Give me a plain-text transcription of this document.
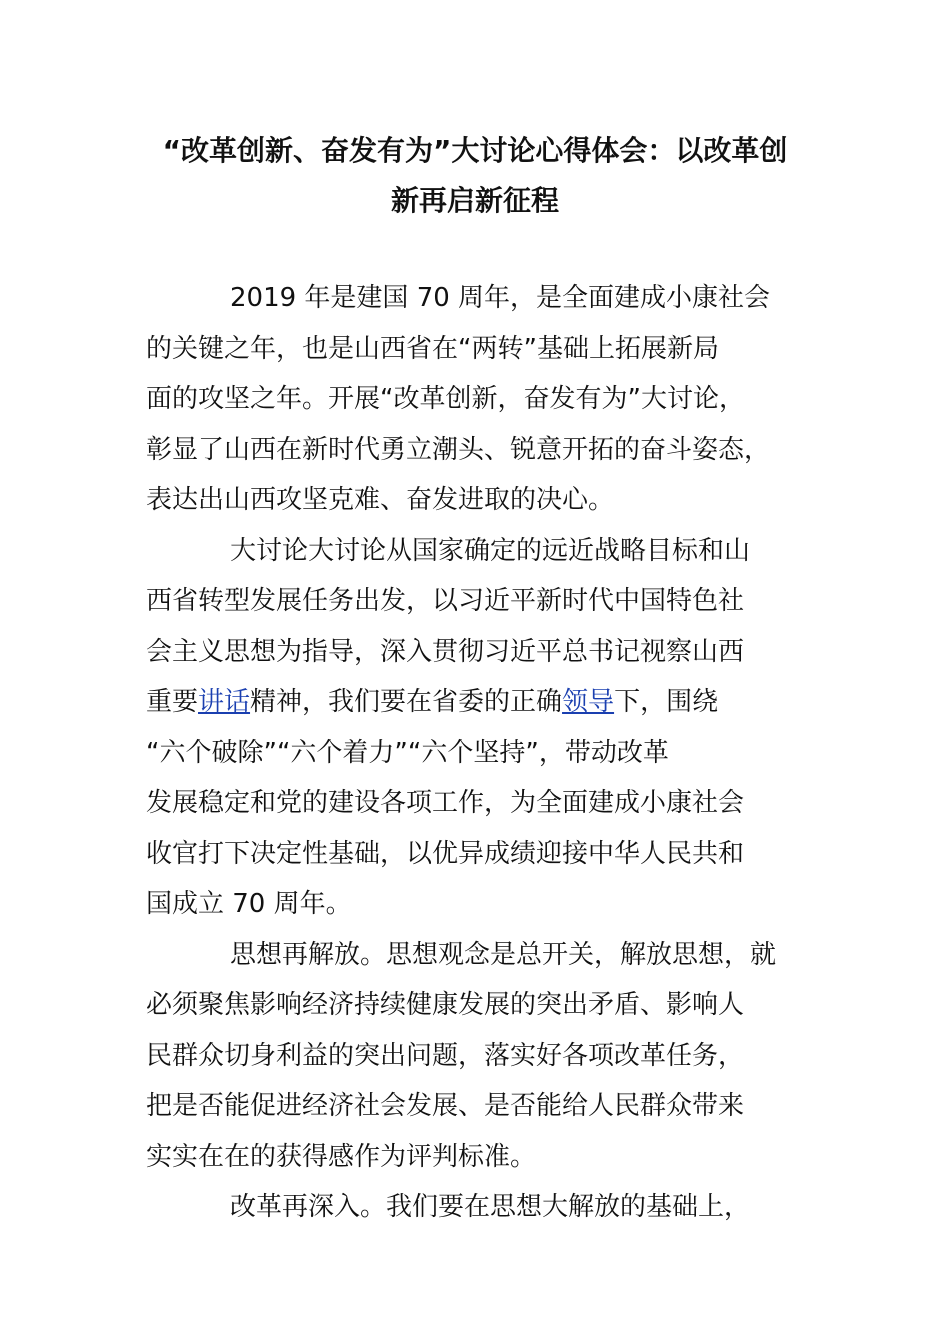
“改革创新、奋发有为”大讨论心得体会：以改革创
新再启新征程
2019 年是建国 70 周年，是全面建成小康社会
的关键之年，也是山西省在“两转”基础上拓展新局
面的攻坚之年。开展“改革创新，奋发有为”大讨论，
彰显了山西在新时代勇立潮头、锐意开拓的奋斗姿态，
表达出山西攻坚克难、奋发进取的决心。
大讨论大讨论从国家确定的远近战略目标和山
西省转型发展任务出发，以习近平新时代中国特色社
会主义思想为指导，深入贯彻习近平总书记视察山西
重要讲话精神，我们要在省委的正确领导下，围绕
“六个破除”“六个着力”“六个坚持”，带动改革
发展稳定和党的建设各项工作，为全面建成小康社会
收官打下决定性基础，以优异成绩迎接中华人民共和
国成立 70 周年。
思想再解放。思想观念是总开关，解放思想，就
必须聚焦影响经济持续健康发展的突出矛盾、影响人
民群众切身利益的突出问题，落实好各项改革任务，
把是否能促进经济社会发展、是否能给人民群众带来
实实在在的获得感作为评判标准。
改革再深入。我们要在思想大解放的基础上，
